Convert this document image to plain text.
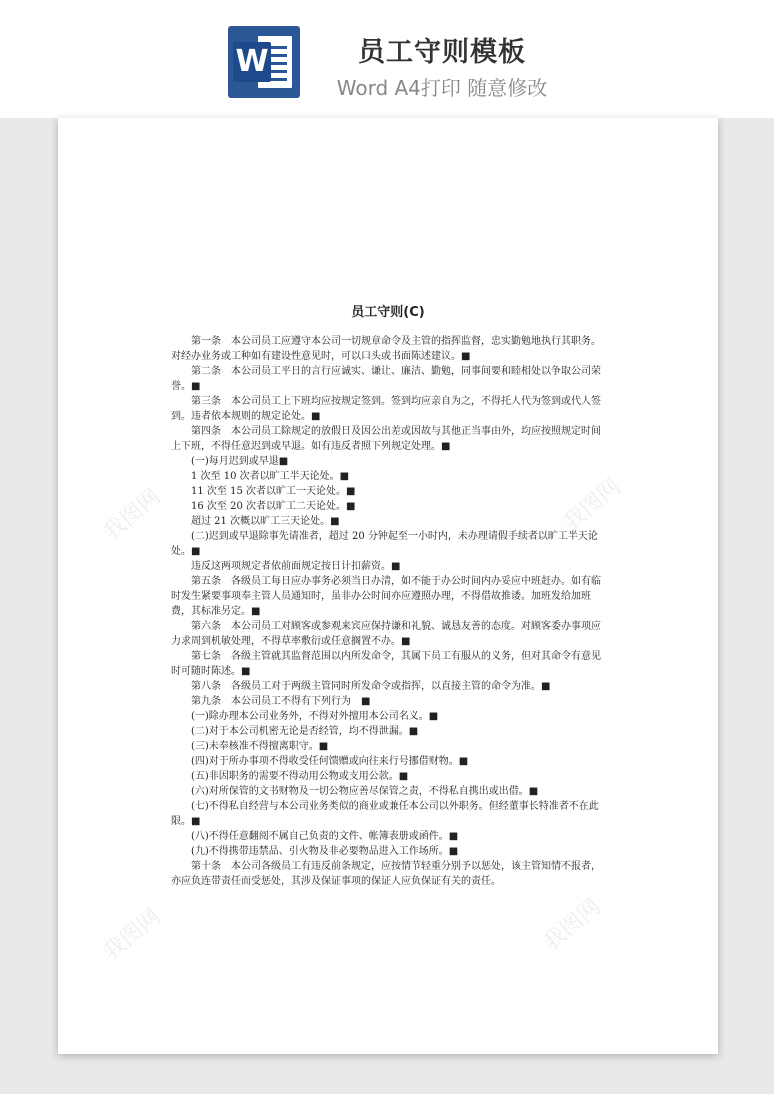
W	员工守则模板
Word A4打印 随意修改
我图网	我图网
我图网	我图网
员工守则(C)

第一条　本公司员工应遵守本公司一切规章命令及主管的指挥监督，忠实勤勉地执行其职务。对经办业务或工种如有建设性意见时，可以口头或书面陈述建议。■

第二条　本公司员工平日的言行应诚实、谦让、廉洁、勤勉，同事间要和睦相处以争取公司荣誉。■

第三条　本公司员工上下班均应按规定签到。签到均应亲自为之，不得托人代为签到或代人签到。违者依本规则的规定论处。■

第四条　本公司员工除规定的放假日及因公出差或因故与其他正当事由外，均应按照规定时间上下班，不得任意迟到或早退。如有违反者照下列规定处理。■

(一)每月迟到或早退■

1 次至 10 次者以旷工半天论处。■

11 次至 15 次者以旷工一天论处。■

16 次至 20 次者以旷工二天论处。■

超过 21 次概以旷工三天论处。■

(二)迟到或早退除事先请准者，超过 20 分钟起至一小时内，未办理请假手续者以旷工半天论处。■

违反这两项规定者依前面规定按日计扣薪资。■

第五条　各级员工每日应办事务必须当日办清，如不能于办公时间内办妥应中班赶办。如有临时发生紧要事项奉主管人员通知时，虽非办公时间亦应遵照办理，不得借故推诿。加班发给加班费，其标准另定。■

第六条　本公司员工对顾客或参观来宾应保持谦和礼貌、诚恳友善的态度。对顾客委办事项应力求周到机敏处理，不得草率敷衍或任意搁置不办。■

第七条　各级主管就其监督范围以内所发命令，其属下员工有服从的义务，但对其命令有意见时可随时陈述。■

第八条　各级员工对于两级主管同时所发命令或指挥，以直接主管的命令为准。■

第九条　本公司员工不得有下列行为　■

(一)除办理本公司业务外，不得对外擅用本公司名义。■

(二)对于本公司机密无论是否经管，均不得泄漏。■

(三)未奉核准不得擅离职守。■

(四)对于所办事项不得收受任何馈赠或向往来行号挪借财物。■

(五)非因职务的需要不得动用公物或支用公款。■

(六)对所保管的文书财物及一切公物应善尽保管之责，不得私自携出或出借。■

(七)不得私自经营与本公司业务类似的商业或兼任本公司以外职务。但经董事长特准者不在此限。■

(八)不得任意翻阅不属自己负责的文件、帐簿表册或函件。■

(九)不得携带违禁品、引火物及非必要物品进入工作场所。■

第十条　本公司各级员工有违反前条规定，应按情节轻重分别予以惩处，该主管知情不报者，亦应负连带责任而受惩处，其涉及保证事项的保证人应负保证有关的责任。
